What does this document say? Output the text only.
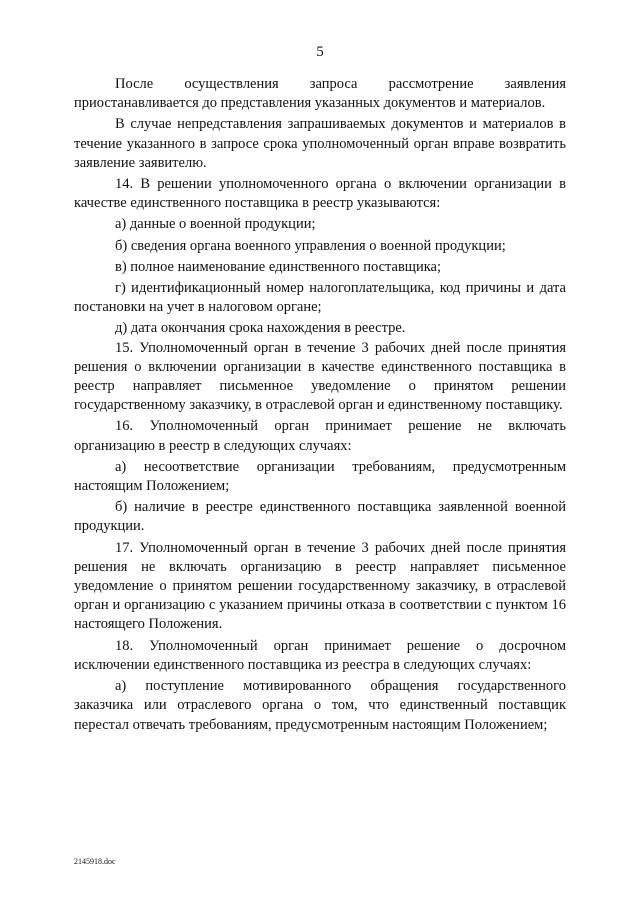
5

После осуществления запроса рассмотрение заявления приостанавливается до представления указанных документов и материалов.

В случае непредставления запрашиваемых документов и материалов в течение указанного в запросе срока уполномоченный орган вправе возвратить заявление заявителю.

14. В решении уполномоченного органа о включении организации в качестве единственного поставщика в реестр указываются:

а) данные о военной продукции;

б) сведения органа военного управления о военной продукции;

в) полное наименование единственного поставщика;

г) идентификационный номер налогоплательщика, код причины и дата постановки на учет в налоговом органе;

д) дата окончания срока нахождения в реестре.

15. Уполномоченный орган в течение 3 рабочих дней после принятия решения о включении организации в качестве единственного поставщика в реестр направляет письменное уведомление о принятом решении государственному заказчику, в отраслевой орган и единственному поставщику.

16. Уполномоченный орган принимает решение не включать организацию в реестр в следующих случаях:

а) несоответствие организации требованиям, предусмотренным настоящим Положением;

б) наличие в реестре единственного поставщика заявленной военной продукции.

17. Уполномоченный орган в течение 3 рабочих дней после принятия решения не включать организацию в реестр направляет письменное уведомление о принятом решении государственному заказчику, в отраслевой орган и организацию с указанием причины отказа в соответствии с пунктом 16 настоящего Положения.

18. Уполномоченный орган принимает решение о досрочном исключении единственного поставщика из реестра в следующих случаях:

а) поступление мотивированного обращения государственного заказчика или отраслевого органа о том, что единственный поставщик перестал отвечать требованиям, предусмотренным настоящим Положением;

2145918.doc
